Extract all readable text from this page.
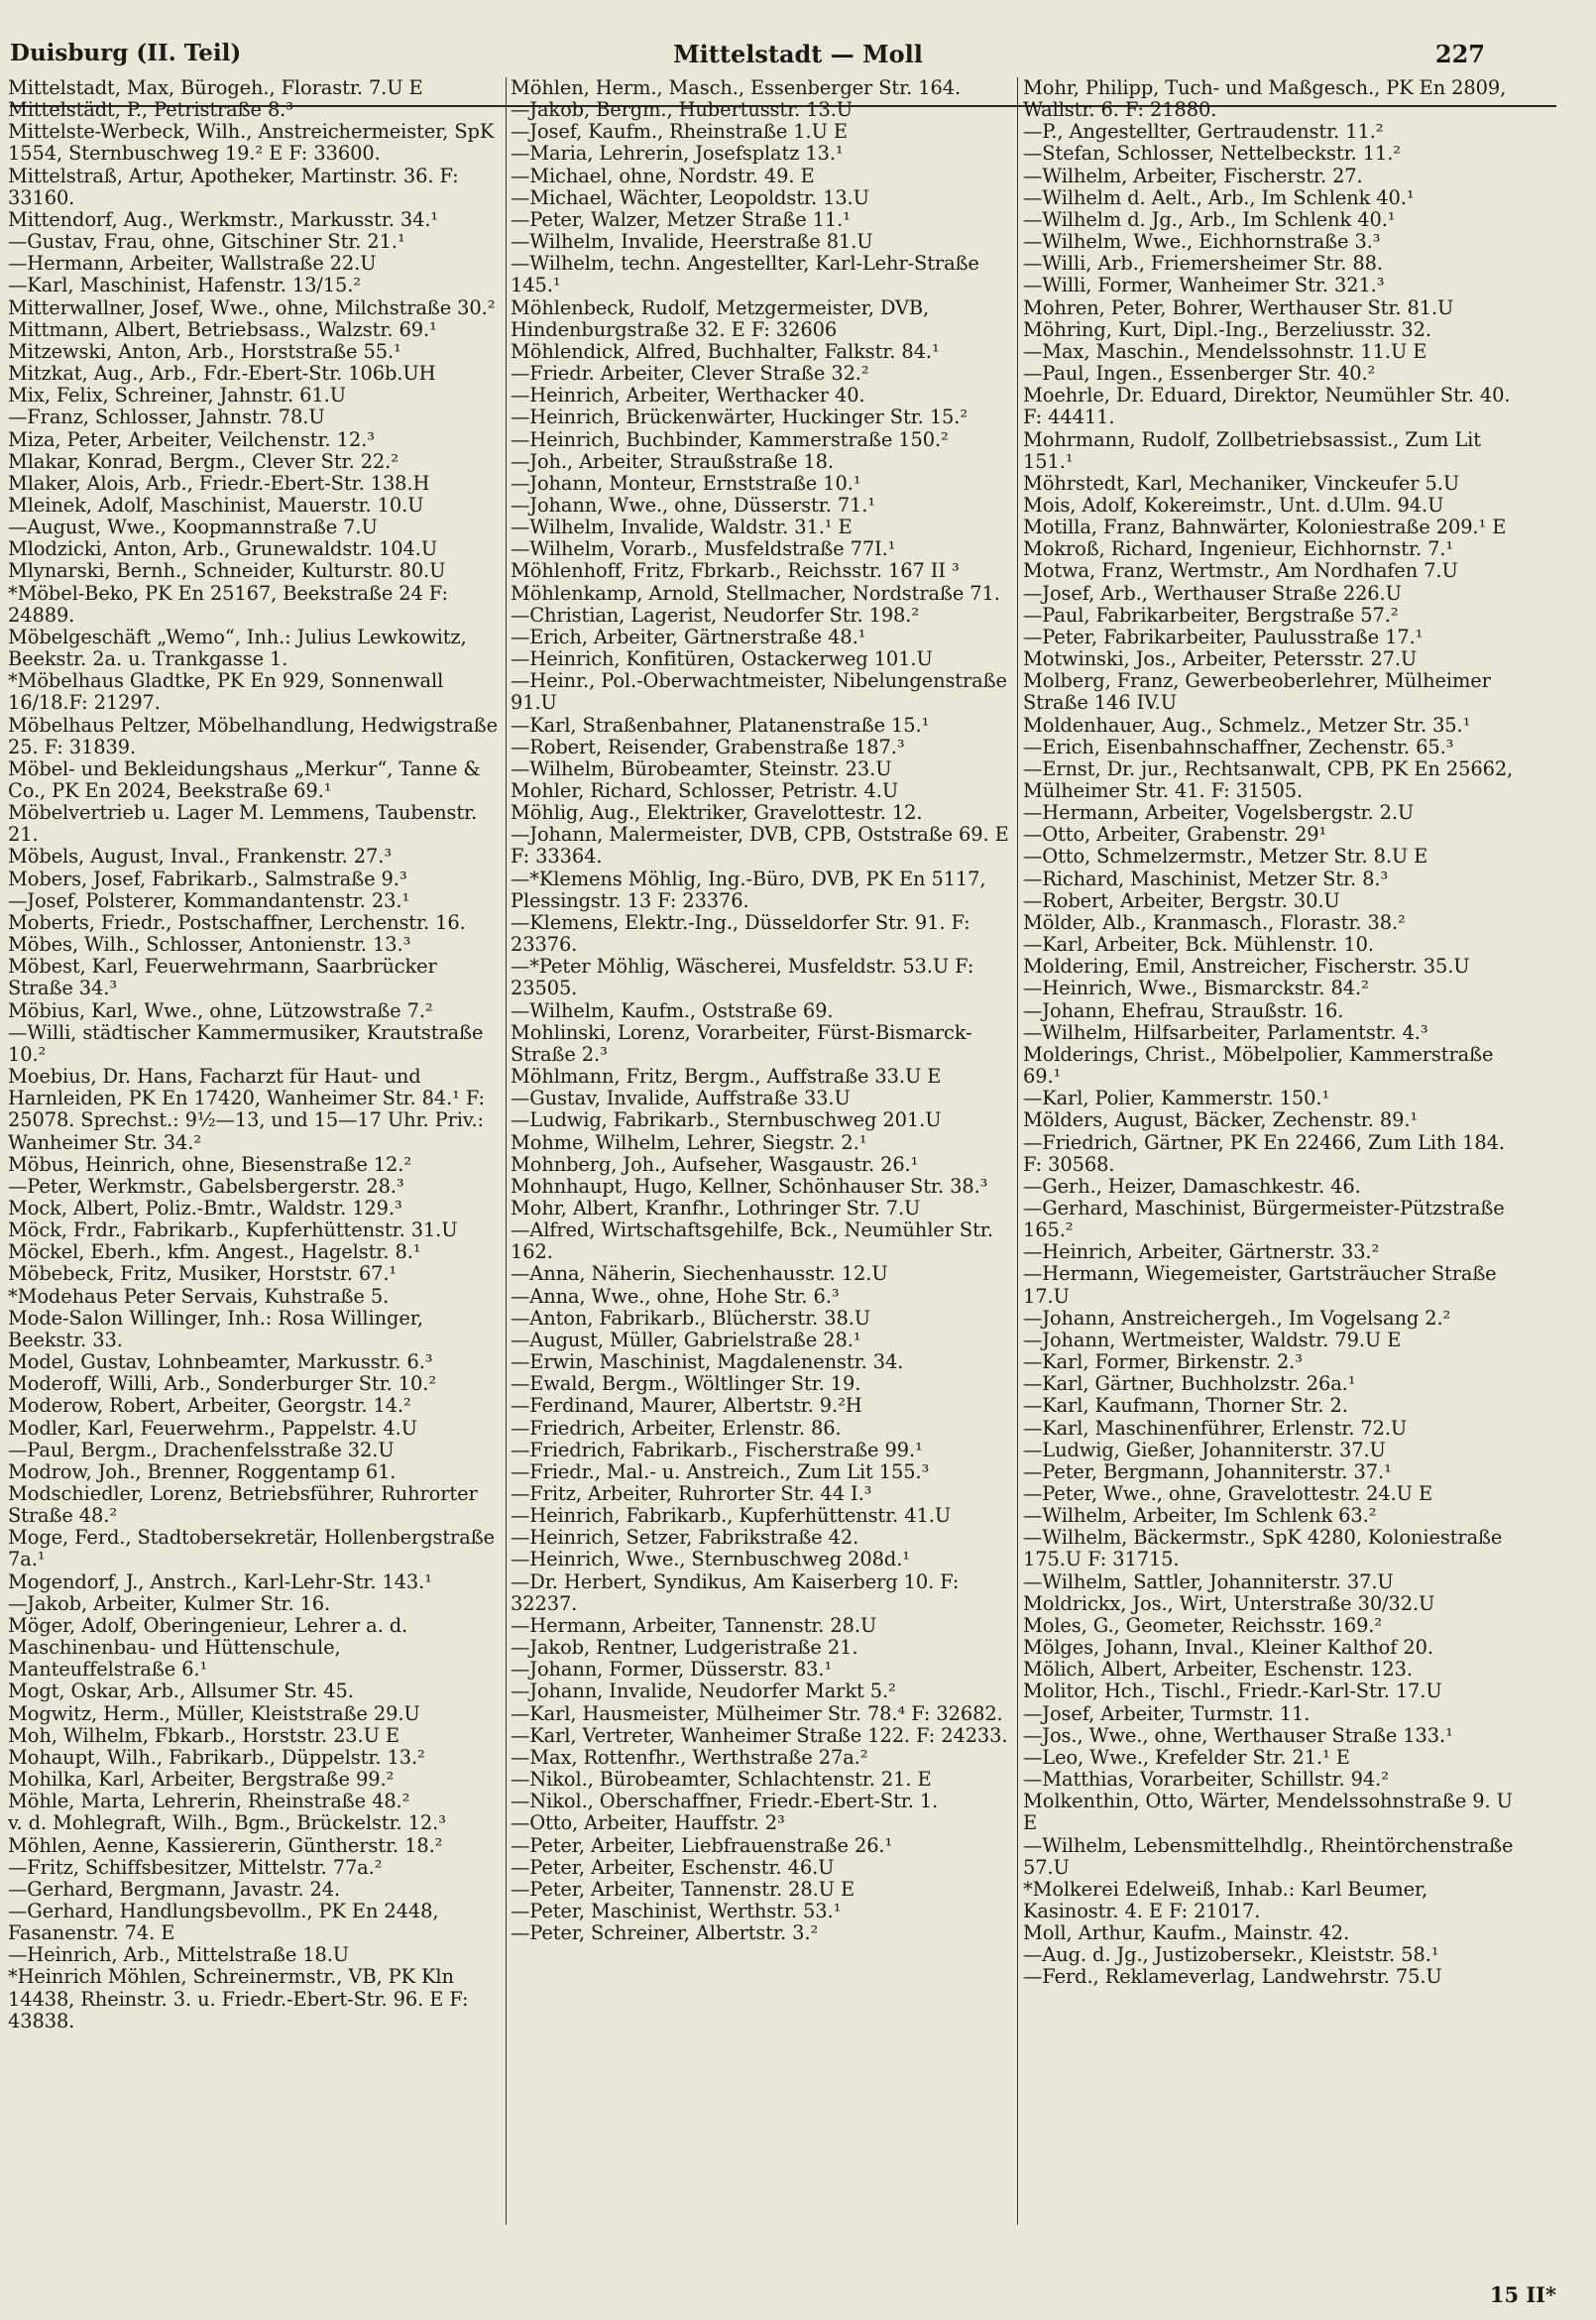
Duisburg (II. Teil)	Mittelstadt — Moll	227
Mittelstadt, Max, Bürogeh., Florastr. 7.U E
Mittelstädt, P., Petristraße 8.³
Mittelste-Werbeck, Wilh., Anstreichermeister, SpK 1554, Sternbuschweg 19.² E F: 33600.
Mittelstraß, Artur, Apotheker, Martinstr. 36. F: 33160.
Mittendorf, Aug., Werkmstr., Markusstr. 34.¹
—Gustav, Frau, ohne, Gitschiner Str. 21.¹
—Hermann, Arbeiter, Wallstraße 22.U
—Karl, Maschinist, Hafenstr. 13/15.²
Mitterwallner, Josef, Wwe., ohne, Milchstraße 30.²
Mittmann, Albert, Betriebsass., Walzstr. 69.¹
Mitzewski, Anton, Arb., Horststraße 55.¹
Mitzkat, Aug., Arb., Fdr.-Ebert-Str. 106b.UH
Mix, Felix, Schreiner, Jahnstr. 61.U
—Franz, Schlosser, Jahnstr. 78.U
Miza, Peter, Arbeiter, Veilchenstr. 12.³
Mlakar, Konrad, Bergm., Clever Str. 22.²
Mlaker, Alois, Arb., Friedr.-Ebert-Str. 138.H
Mleinek, Adolf, Maschinist, Mauerstr. 10.U
—August, Wwe., Koopmannstraße 7.U
Mlodzicki, Anton, Arb., Grunewaldstr. 104.U
Mlynarski, Bernh., Schneider, Kulturstr. 80.U
*Möbel-Beko, PK En 25167, Beekstraße 24 F: 24889.
Möbelgeschäft „Wemo“, Inh.: Julius Lewkowitz, Beekstr. 2a. u. Trankgasse 1.
*Möbelhaus Gladtke, PK En 929, Sonnenwall 16/18.F: 21297.
Möbelhaus Peltzer, Möbelhandlung, Hedwigstraße 25. F: 31839.
Möbel- und Bekleidungshaus „Merkur“, Tanne & Co., PK En 2024, Beekstraße 69.¹
Möbelvertrieb u. Lager M. Lemmens, Taubenstr. 21.
Möbels, August, Inval., Frankenstr. 27.³
Mobers, Josef, Fabrikarb., Salmstraße 9.³
—Josef, Polsterer, Kommandantenstr. 23.¹
Moberts, Friedr., Postschaffner, Lerchenstr. 16.
Möbes, Wilh., Schlosser, Antonienstr. 13.³
Möbest, Karl, Feuerwehrmann, Saarbrücker Straße 34.³
Möbius, Karl, Wwe., ohne, Lützowstraße 7.²
—Willi, städtischer Kammermusiker, Krautstraße 10.²
Moebius, Dr. Hans, Facharzt für Haut- und Harnleiden, PK En 17420, Wanheimer Str. 84.¹ F: 25078. Sprechst.: 9½—13, und 15—17 Uhr. Priv.: Wanheimer Str. 34.²
Möbus, Heinrich, ohne, Biesenstraße 12.²
—Peter, Werkmstr., Gabelsbergerstr. 28.³
Mock, Albert, Poliz.-Bmtr., Waldstr. 129.³
Möck, Frdr., Fabrikarb., Kupferhüttenstr. 31.U
Möckel, Eberh., kfm. Angest., Hagelstr. 8.¹
Möbebeck, Fritz, Musiker, Horststr. 67.¹
*Modehaus Peter Servais, Kuhstraße 5.
Mode-Salon Willinger, Inh.: Rosa Willinger, Beekstr. 33.
Model, Gustav, Lohnbeamter, Markusstr. 6.³
Moderoff, Willi, Arb., Sonderburger Str. 10.²
Moderow, Robert, Arbeiter, Georgstr. 14.²
Modler, Karl, Feuerwehrm., Pappelstr. 4.U
—Paul, Bergm., Drachenfelsstraße 32.U
Modrow, Joh., Brenner, Roggentamp 61.
Modschiedler, Lorenz, Betriebsführer, Ruhrorter Straße 48.²
Moge, Ferd., Stadtobersekretär, Hollenbergstraße 7a.¹
Mogendorf, J., Anstrch., Karl-Lehr-Str. 143.¹
—Jakob, Arbeiter, Kulmer Str. 16.
Möger, Adolf, Oberingenieur, Lehrer a. d. Maschinenbau- und Hüttenschule, Manteuffelstraße 6.¹
Mogt, Oskar, Arb., Allsumer Str. 45.
Mogwitz, Herm., Müller, Kleiststraße 29.U
Moh, Wilhelm, Fbkarb., Horststr. 23.U E
Mohaupt, Wilh., Fabrikarb., Düppelstr. 13.²
Mohilka, Karl, Arbeiter, Bergstraße 99.²
Möhle, Marta, Lehrerin, Rheinstraße 48.²
v. d. Mohlegraft, Wilh., Bgm., Brückelstr. 12.³
Möhlen, Aenne, Kassiererin, Güntherstr. 18.²
—Fritz, Schiffsbesitzer, Mittelstr. 77a.²
—Gerhard, Bergmann, Javastr. 24.
—Gerhard, Handlungsbevollm., PK En 2448, Fasanenstr. 74. E
—Heinrich, Arb., Mittelstraße 18.U
*Heinrich Möhlen, Schreinermstr., VB, PK Kln 14438, Rheinstr. 3. u. Friedr.-Ebert-Str. 96. E F: 43838.
Möhlen, Herm., Masch., Essenberger Str. 164.
—Jakob, Bergm., Hubertusstr. 13.U
—Josef, Kaufm., Rheinstraße 1.U E
—Maria, Lehrerin, Josefsplatz 13.¹
—Michael, ohne, Nordstr. 49. E
—Michael, Wächter, Leopoldstr. 13.U
—Peter, Walzer, Metzer Straße 11.¹
—Wilhelm, Invalide, Heerstraße 81.U
—Wilhelm, techn. Angestellter, Karl-Lehr-Straße 145.¹
Möhlenbeck, Rudolf, Metzgermeister, DVB, Hindenburgstraße 32. E F: 32606
Möhlendick, Alfred, Buchhalter, Falkstr. 84.¹
—Friedr. Arbeiter, Clever Straße 32.²
—Heinrich, Arbeiter, Werthacker 40.
—Heinrich, Brückenwärter, Huckinger Str. 15.²
—Heinrich, Buchbinder, Kammerstraße 150.²
—Joh., Arbeiter, Straußstraße 18.
—Johann, Monteur, Ernststraße 10.¹
—Johann, Wwe., ohne, Düsserstr. 71.¹
—Wilhelm, Invalide, Waldstr. 31.¹ E
—Wilhelm, Vorarb., Musfeldstraße 77I.¹
Möhlenhoff, Fritz, Fbrkarb., Reichsstr. 167 II ³
Möhlenkamp, Arnold, Stellmacher, Nordstraße 71.
—Christian, Lagerist, Neudorfer Str. 198.²
—Erich, Arbeiter, Gärtnerstraße 48.¹
—Heinrich, Konfitüren, Ostackerweg 101.U
—Heinr., Pol.-Oberwachtmeister, Nibelungenstraße 91.U
—Karl, Straßenbahner, Platanenstraße 15.¹
—Robert, Reisender, Grabenstraße 187.³
—Wilhelm, Bürobeamter, Steinstr. 23.U
Mohler, Richard, Schlosser, Petristr. 4.U
Möhlig, Aug., Elektriker, Gravelottestr. 12.
—Johann, Malermeister, DVB, CPB, Oststraße 69. E F: 33364.
—*Klemens Möhlig, Ing.-Büro, DVB, PK En 5117, Plessingstr. 13 F: 23376.
—Klemens, Elektr.-Ing., Düsseldorfer Str. 91. F: 23376.
—*Peter Möhlig, Wäscherei, Musfeldstr. 53.U F: 23505.
—Wilhelm, Kaufm., Oststraße 69.
Mohlinski, Lorenz, Vorarbeiter, Fürst-Bismarck-Straße 2.³
Möhlmann, Fritz, Bergm., Auffstraße 33.U E
—Gustav, Invalide, Auffstraße 33.U
—Ludwig, Fabrikarb., Sternbuschweg 201.U
Mohme, Wilhelm, Lehrer, Siegstr. 2.¹
Mohnberg, Joh., Aufseher, Wasgaustr. 26.¹
Mohnhaupt, Hugo, Kellner, Schönhauser Str. 38.³
Mohr, Albert, Kranfhr., Lothringer Str. 7.U
—Alfred, Wirtschaftsgehilfe, Bck., Neumühler Str. 162.
—Anna, Näherin, Siechenhausstr. 12.U
—Anna, Wwe., ohne, Hohe Str. 6.³
—Anton, Fabrikarb., Blücherstr. 38.U
—August, Müller, Gabrielstraße 28.¹
—Erwin, Maschinist, Magdalenenstr. 34.
—Ewald, Bergm., Wöltlinger Str. 19.
—Ferdinand, Maurer, Albertstr. 9.²H
—Friedrich, Arbeiter, Erlenstr. 86.
—Friedrich, Fabrikarb., Fischerstraße 99.¹
—Friedr., Mal.- u. Anstreich., Zum Lit 155.³
—Fritz, Arbeiter, Ruhrorter Str. 44 I.³
—Heinrich, Fabrikarb., Kupferhüttenstr. 41.U
—Heinrich, Setzer, Fabrikstraße 42.
—Heinrich, Wwe., Sternbuschweg 208d.¹
—Dr. Herbert, Syndikus, Am Kaiserberg 10. F: 32237.
—Hermann, Arbeiter, Tannenstr. 28.U
—Jakob, Rentner, Ludgeristraße 21.
—Johann, Former, Düsserstr. 83.¹
—Johann, Invalide, Neudorfer Markt 5.²
—Karl, Hausmeister, Mülheimer Str. 78.⁴ F: 32682.
—Karl, Vertreter, Wanheimer Straße 122. F: 24233.
—Max, Rottenfhr., Werthstraße 27a.²
—Nikol., Bürobeamter, Schlachtenstr. 21. E
—Nikol., Oberschaffner, Friedr.-Ebert-Str. 1.
—Otto, Arbeiter, Hauffstr. 2³
—Peter, Arbeiter, Liebfrauenstraße 26.¹
—Peter, Arbeiter, Eschenstr. 46.U
—Peter, Arbeiter, Tannenstr. 28.U E
—Peter, Maschinist, Werthstr. 53.¹
—Peter, Schreiner, Albertstr. 3.²
Mohr, Philipp, Tuch- und Maßgesch., PK En 2809, Wallstr. 6. F: 21880.
—P., Angestellter, Gertraudenstr. 11.²
—Stefan, Schlosser, Nettelbeckstr. 11.²
—Wilhelm, Arbeiter, Fischerstr. 27.
—Wilhelm d. Aelt., Arb., Im Schlenk 40.¹
—Wilhelm d. Jg., Arb., Im Schlenk 40.¹
—Wilhelm, Wwe., Eichhornstraße 3.³
—Willi, Arb., Friemersheimer Str. 88.
—Willi, Former, Wanheimer Str. 321.³
Mohren, Peter, Bohrer, Werthauser Str. 81.U
Möhring, Kurt, Dipl.-Ing., Berzeliusstr. 32.
—Max, Maschin., Mendelssohnstr. 11.U E
—Paul, Ingen., Essenberger Str. 40.²
Moehrle, Dr. Eduard, Direktor, Neumühler Str. 40. F: 44411.
Mohrmann, Rudolf, Zollbetriebsassist., Zum Lit 151.¹
Möhrstedt, Karl, Mechaniker, Vinckeufer 5.U
Mois, Adolf, Kokereimstr., Unt. d.Ulm. 94.U
Motilla, Franz, Bahnwärter, Koloniestraße 209.¹ E
Mokroß, Richard, Ingenieur, Eichhornstr. 7.¹
Motwa, Franz, Wertmstr., Am Nordhafen 7.U
—Josef, Arb., Werthauser Straße 226.U
—Paul, Fabrikarbeiter, Bergstraße 57.²
—Peter, Fabrikarbeiter, Paulusstraße 17.¹
Motwinski, Jos., Arbeiter, Petersstr. 27.U
Molberg, Franz, Gewerbeoberlehrer, Mülheimer Straße 146 IV.U
Moldenhauer, Aug., Schmelz., Metzer Str. 35.¹
—Erich, Eisenbahnschaffner, Zechenstr. 65.³
—Ernst, Dr. jur., Rechtsanwalt, CPB, PK En 25662, Mülheimer Str. 41. F: 31505.
—Hermann, Arbeiter, Vogelsbergstr. 2.U
—Otto, Arbeiter, Grabenstr. 29¹
—Otto, Schmelzermstr., Metzer Str. 8.U E
—Richard, Maschinist, Metzer Str. 8.³
—Robert, Arbeiter, Bergstr. 30.U
Mölder, Alb., Kranmasch., Florastr. 38.²
—Karl, Arbeiter, Bck. Mühlenstr. 10.
Moldering, Emil, Anstreicher, Fischerstr. 35.U
—Heinrich, Wwe., Bismarckstr. 84.²
—Johann, Ehefrau, Straußstr. 16.
—Wilhelm, Hilfsarbeiter, Parlamentstr. 4.³
Molderings, Christ., Möbelpolier, Kammerstraße 69.¹
—Karl, Polier, Kammerstr. 150.¹
Mölders, August, Bäcker, Zechenstr. 89.¹
—Friedrich, Gärtner, PK En 22466, Zum Lith 184. F: 30568.
—Gerh., Heizer, Damaschkestr. 46.
—Gerhard, Maschinist, Bürgermeister-Pützstraße 165.²
—Heinrich, Arbeiter, Gärtnerstr. 33.²
—Hermann, Wiegemeister, Gartsträucher Straße 17.U
—Johann, Anstreichergeh., Im Vogelsang 2.²
—Johann, Wertmeister, Waldstr. 79.U E
—Karl, Former, Birkenstr. 2.³
—Karl, Gärtner, Buchholzstr. 26a.¹
—Karl, Kaufmann, Thorner Str. 2.
—Karl, Maschinenführer, Erlenstr. 72.U
—Ludwig, Gießer, Johanniterstr. 37.U
—Peter, Bergmann, Johanniterstr. 37.¹
—Peter, Wwe., ohne, Gravelottestr. 24.U E
—Wilhelm, Arbeiter, Im Schlenk 63.²
—Wilhelm, Bäckermstr., SpK 4280, Koloniestraße 175.U F: 31715.
—Wilhelm, Sattler, Johanniterstr. 37.U
Moldrickx, Jos., Wirt, Unterstraße 30/32.U
Moles, G., Geometer, Reichsstr. 169.²
Mölges, Johann, Inval., Kleiner Kalthof 20.
Mölich, Albert, Arbeiter, Eschenstr. 123.
Molitor, Hch., Tischl., Friedr.-Karl-Str. 17.U
—Josef, Arbeiter, Turmstr. 11.
—Jos., Wwe., ohne, Werthauser Straße 133.¹
—Leo, Wwe., Krefelder Str. 21.¹ E
—Matthias, Vorarbeiter, Schillstr. 94.²
Molkenthin, Otto, Wärter, Mendelssohnstraße 9. U E
—Wilhelm, Lebensmittelhdlg., Rheintörchenstraße 57.U
*Molkerei Edelweiß, Inhab.: Karl Beumer, Kasinostr. 4. E F: 21017.
Moll, Arthur, Kaufm., Mainstr. 42.
—Aug. d. Jg., Justizobersekr., Kleiststr. 58.¹
—Ferd., Reklameverlag, Landwehrstr. 75.U
15 II*
